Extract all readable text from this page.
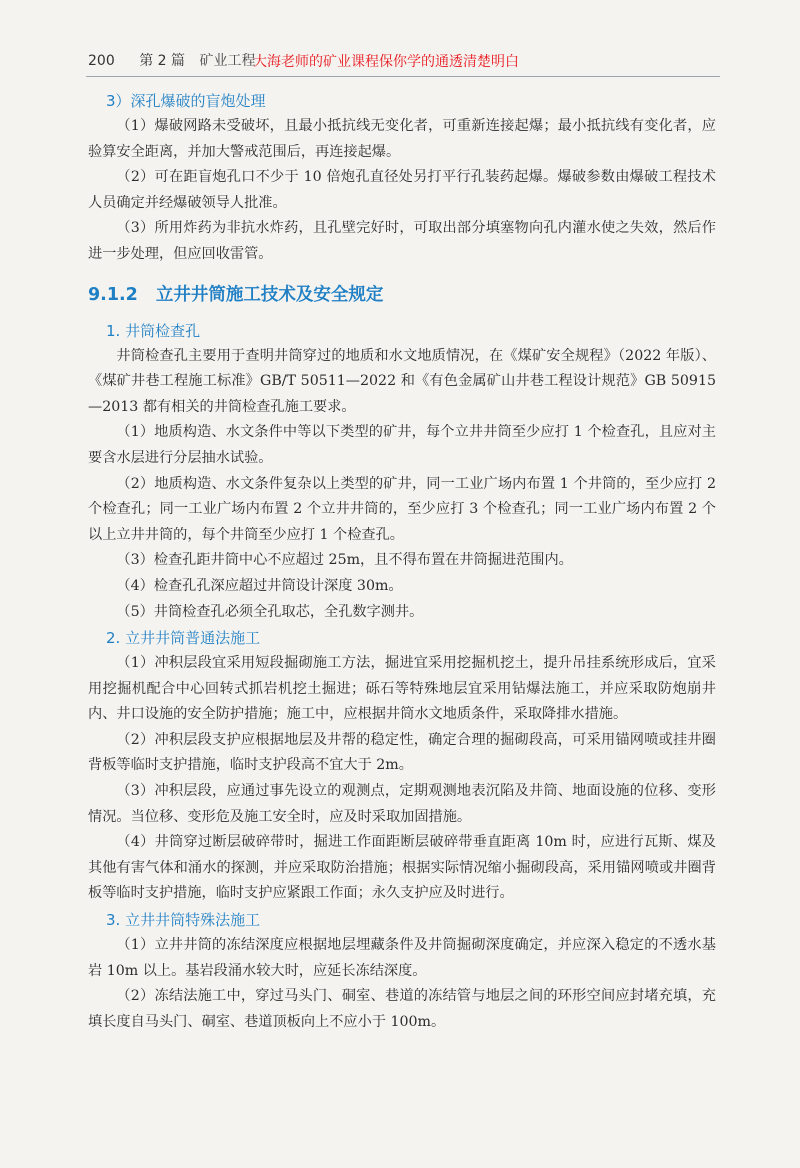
200 第 2 篇 矿业工程
大海老师的矿业课程保你学的通透清楚明白
3）深孔爆破的盲炮处理

（1）爆破网路未受破坏，且最小抵抗线无变化者，可重新连接起爆；最小抵抗线有变化者，应验算安全距离，并加大警戒范围后，再连接起爆。

（2）可在距盲炮孔口不少于 10 倍炮孔直径处另打平行孔装药起爆。爆破参数由爆破工程技术人员确定并经爆破领导人批准。

（3）所用炸药为非抗水炸药，且孔壁完好时，可取出部分填塞物向孔内灌水使之失效，然后作进一步处理，但应回收雷管。

9.1.2 立井井筒施工技术及安全规定
1. 井筒检查孔

井筒检查孔主要用于查明井筒穿过的地质和水文地质情况，在《煤矿安全规程》（2022 年版）、《煤矿井巷工程施工标准》GB/T 50511—2022 和《有色金属矿山井巷工程设计规范》GB 50915—2013 都有相关的井筒检查孔施工要求。

（1）地质构造、水文条件中等以下类型的矿井，每个立井井筒至少应打 1 个检查孔，且应对主要含水层进行分层抽水试验。

（2）地质构造、水文条件复杂以上类型的矿井，同一工业广场内布置 1 个井筒的，至少应打 2 个检查孔；同一工业广场内布置 2 个立井井筒的，至少应打 3 个检查孔；同一工业广场内布置 2 个以上立井井筒的，每个井筒至少应打 1 个检查孔。

（3）检查孔距井筒中心不应超过 25m，且不得布置在井筒掘进范围内。

（4）检查孔孔深应超过井筒设计深度 30m。

（5）井筒检查孔必须全孔取芯，全孔数字测井。

2. 立井井筒普通法施工

（1）冲积层段宜采用短段掘砌施工方法，掘进宜采用挖掘机挖土，提升吊挂系统形成后，宜采用挖掘机配合中心回转式抓岩机挖土掘进；砾石等特殊地层宜采用钻爆法施工，并应采取防炮崩井内、井口设施的安全防护措施；施工中，应根据井筒水文地质条件，采取降排水措施。

（2）冲积层段支护应根据地层及井帮的稳定性，确定合理的掘砌段高，可采用锚网喷或挂井圈背板等临时支护措施，临时支护段高不宜大于 2m。

（3）冲积层段，应通过事先设立的观测点，定期观测地表沉陷及井筒、地面设施的位移、变形情况。当位移、变形危及施工安全时，应及时采取加固措施。

（4）井筒穿过断层破碎带时，掘进工作面距断层破碎带垂直距离 10m 时，应进行瓦斯、煤及其他有害气体和涌水的探测，并应采取防治措施；根据实际情况缩小掘砌段高，采用锚网喷或井圈背板等临时支护措施，临时支护应紧跟工作面；永久支护应及时进行。

3. 立井井筒特殊法施工

（1）立井井筒的冻结深度应根据地层埋藏条件及井筒掘砌深度确定，并应深入稳定的不透水基岩 10m 以上。基岩段涌水较大时，应延长冻结深度。

（2）冻结法施工中，穿过马头门、硐室、巷道的冻结管与地层之间的环形空间应封堵充填，充填长度自马头门、硐室、巷道顶板向上不应小于 100m。
